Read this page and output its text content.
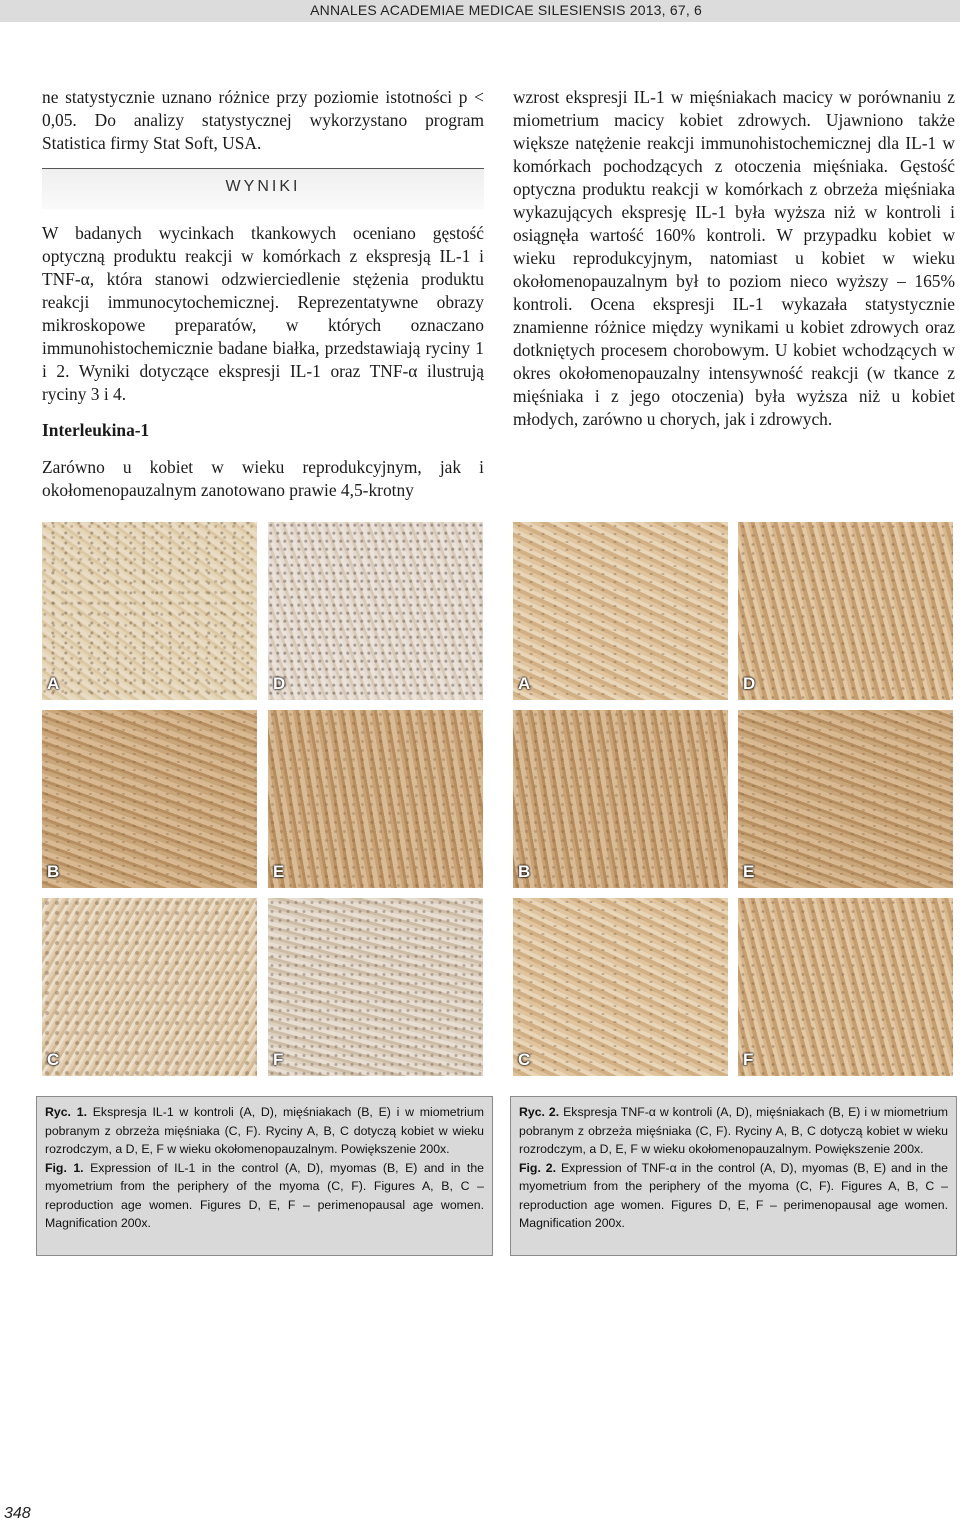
ANNALES ACADEMIAE MEDICAE SILESIENSIS 2013, 67, 6

ne statystycznie uznano różnice przy poziomie istotności p < 0,05. Do analizy statystycznej wykorzystano program Statistica firmy Stat Soft, USA.

WYNIKI

W badanych wycinkach tkankowych oceniano gęstość optyczną produktu reakcji w komórkach z ekspresją IL-1 i TNF-α, która stanowi odzwierciedlenie stężenia produktu reakcji immunocytochemicznej. Reprezentatywne obrazy mikroskopowe preparatów, w których oznaczano immunohistochemicznie badane białka, przedstawiają ryciny 1 i 2. Wyniki dotyczące ekspresji IL-1 oraz TNF-α ilustrują ryciny 3 i 4.

Interleukina-1

Zarówno u kobiet w wieku reprodukcyjnym, jak i okołomenopauzalnym zanotowano prawie 4,5-krotny

wzrost ekspresji IL-1 w mięśniakach macicy w porównaniu z miometrium macicy kobiet zdrowych. Ujawniono także większe natężenie reakcji immunohistochemicznej dla IL-1 w komórkach pochodzących z otoczenia mięśniaka. Gęstość optyczna produktu reakcji w komórkach z obrzeża mięśniaka wykazujących ekspresję IL-1 była wyższa niż w kontroli i osiągnęła wartość 160% kontroli. W przypadku kobiet w wieku reprodukcyjnym, natomiast u kobiet w wieku okołomenopauzalnym był to poziom nieco wyższy – 165% kontroli. Ocena ekspresji IL-1 wykazała statystycznie znamienne różnice między wynikami u kobiet zdrowych oraz dotkniętych procesem chorobowym. U kobiet wchodzących w okres okołomenopauzalny intensywność reakcji (w tkance z mięśniaka i z jego otoczenia) była wyższa niż u kobiet młodych, zarówno u chorych, jak i zdrowych.

A	D
B	E
C	F
A	D
B	E
C	F

Ryc. 1. Ekspresja IL-1 w kontroli (A, D), mięśniakach (B, E) i w miometrium pobranym z obrzeża mięśniaka (C, F). Ryciny A, B, C dotyczą kobiet w wieku rozrodczym, a D, E, F w wieku okołomenopauzalnym. Powiększenie 200x.

Fig. 1. Expression of IL-1 in the control (A, D), myomas (B, E) and in the myometrium from the periphery of the myoma (C, F). Figures A, B, C – reproduction age women. Figures D, E, F – perimenopausal age women. Magnification 200x.

Ryc. 2. Ekspresja TNF-α w kontroli (A, D), mięśniakach (B, E) i w miometrium pobranym z obrzeża mięśniaka (C, F). Ryciny A, B, C dotyczą kobiet w wieku rozrodczym, a D, E, F w wieku okołomenopauzalnym. Powiększenie 200x.

Fig. 2. Expression of TNF-α in the control (A, D), myomas (B, E) and in the myometrium from the periphery of the myoma (C, F). Figures A, B, C – reproduction age women. Figures D, E, F – perimenopausal age women. Magnification 200x.

348
